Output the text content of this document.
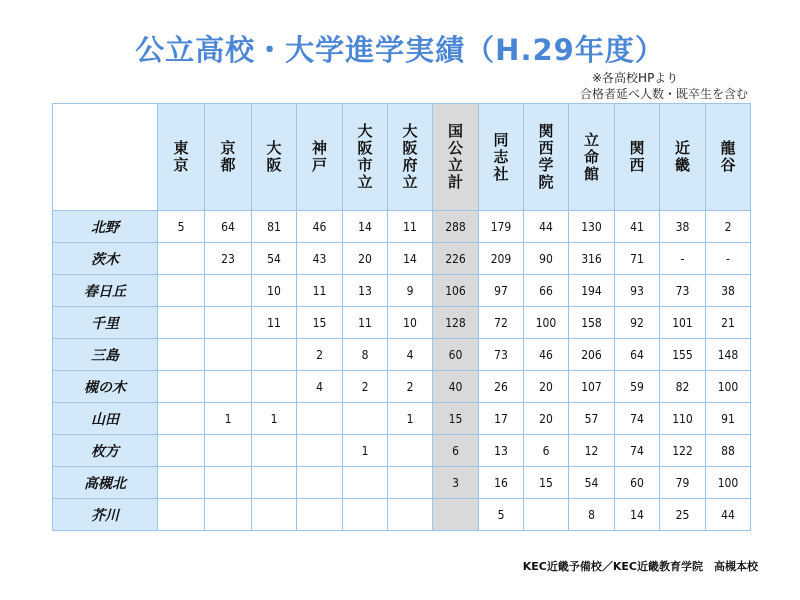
公立高校・大学進学実績（H.29年度）
※各高校HPより
合格者延べ人数・既卒生を含む
	東京	京都	大阪	神戸	大阪市立	大阪府立	国公立計	同志社	関西学院	立命館	関西	近畿	龍谷
北野	5	64	81	46	14	11	288	179	44	130	41	38	2
茨木		23	54	43	20	14	226	209	90	316	71	-	-
春日丘			10	11	13	9	106	97	66	194	93	73	38
千里			11	15	11	10	128	72	100	158	92	101	21
三島				2	8	4	60	73	46	206	64	155	148
槻の木				4	2	2	40	26	20	107	59	82	100
山田		1	1			1	15	17	20	57	74	110	91
枚方					1		6	13	6	12	74	122	88
高槻北							3	16	15	54	60	79	100
芥川								5		8	14	25	44
KEC近畿予備校／KEC近畿教育学院　高槻本校
